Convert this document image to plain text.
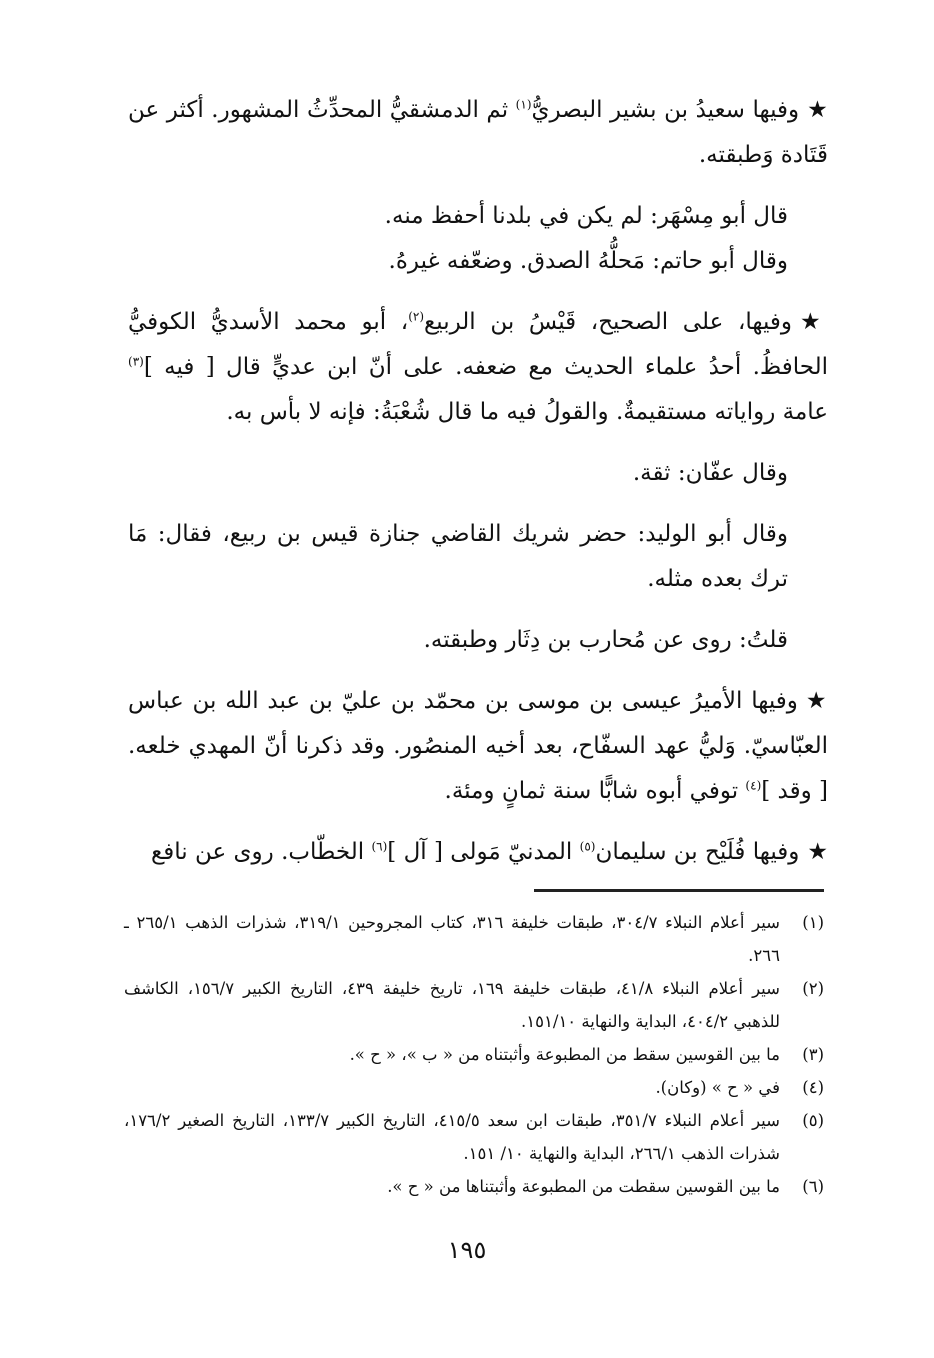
★وفيها سعيدُ بن بشير البصريُّ$^{(١)}$ ثم الدمشقيُّ المحدِّثُ المشهور. أكثر عن قَتَادة وَطبقته.

قال أبو مِسْهَر: لم يكن في بلدنا أحفظ منه.

وقال أبو حاتم: مَحلُّهُ الصدق. وضعّفه غيرهُ.

★وفيها، على الصحيح، قَيْسُ بن الربيع$^{(٢)}$، أبو محمد الأسديُّ الكوفيُّ الحافظُ. أحدُ علماء الحديث مع ضعفه. على أنّ ابن عديٍّ قال [ فيه ]$^{(٣)}$ عامة رواياته مستقيمةٌ. والقولُ فيه ما قال شُعْبَةُ: فإنه لا بأس به.

وقال عفّان: ثقة.

وقال أبو الوليد: حضر شريك القاضي جنازة قيس بن ربيع، فقال: مَا ترك بعده مثله.

قلتُ: روى عن مُحارب بن دِثَار وطبقته.

★وفيها الأميرُ عيسى بن موسى بن محمّد بن عليّ بن عبد الله بن عباس العبّاسيّ. وَليُّ عهد السفّاح، بعد أخيه المنصُور. وقد ذكرنا أنّ المهدي خلعه. [ وقد ]$^{(٤)}$ توفي أبوه شابًّا سنة ثمانٍ ومئة.

★وفيها فُلَيْح بن سليمان$^{(٥)}$ المدنيّ مَولى [ آل ]$^{(٦)}$ الخطّاب. روى عن نافع

(١)
سير أعلام النبلاء ٣٠٤/٧، طبقات خليفة ٣١٦، كتاب المجروحين ٣١٩/١، شذرات الذهب ٢٦٥/١ ـ ٢٦٦.
(٢)
سير أعلام النبلاء ٤١/٨، طبقات خليفة ١٦٩، تاريخ خليفة ٤٣٩، التاريخ الكبير ١٥٦/٧، الكاشف للذهبي ٤٠٤/٢، البداية والنهاية ١٥١/١٠.
(٣)
ما بين القوسين سقط من المطبوعة وأثبتناه من « ب »، « ح ».
(٤)
في « ح » (وكان).
(٥)
سير أعلام النبلاء ٣٥١/٧، طبقات ابن سعد ٤١٥/٥، التاريخ الكبير ١٣٣/٧، التاريخ الصغير ١٧٦/٢، شذرات الذهب ٢٦٦/١، البداية والنهاية ١٠/ ١٥١.
(٦)
ما بين القوسين سقطت من المطبوعة وأثبتناها من « ح ».
١٩٥
